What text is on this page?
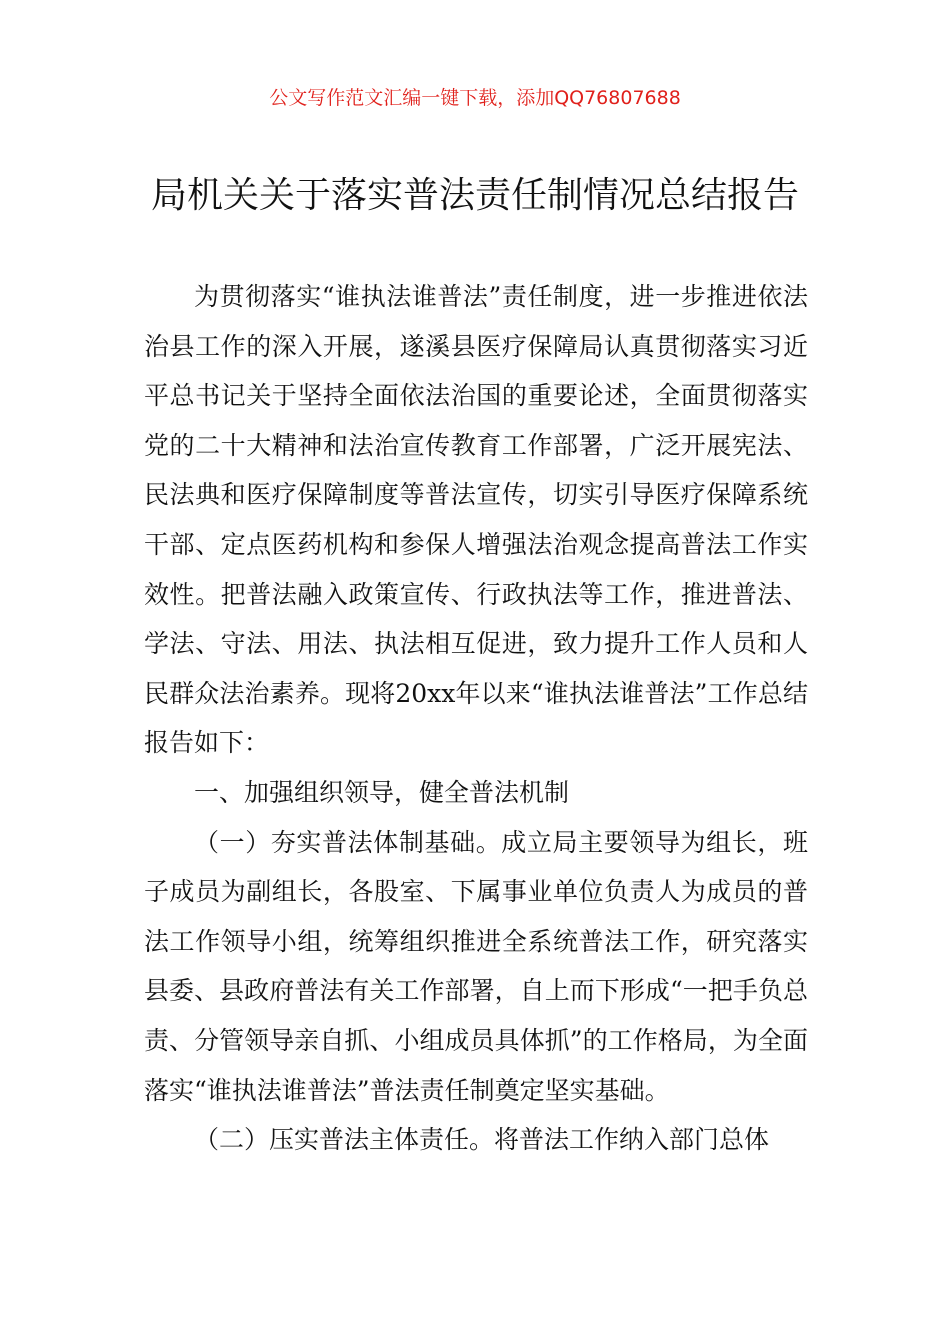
公文写作范文汇编一键下载，添加QQ76807688
局机关关于落实普法责任制情况总结报告

为贯彻落实“谁执法谁普法”责任制度，进一步推进依法治县工作的深入开展，遂溪县医疗保障局认真贯彻落实习近平总书记关于坚持全面依法治国的重要论述，全面贯彻落实党的二十大精神和法治宣传教育工作部署，广泛开展宪法、民法典和医疗保障制度等普法宣传，切实引导医疗保障系统干部、定点医药机构和参保人增强法治观念提高普法工作实效性。把普法融入政策宣传、行政执法等工作，推进普法、学法、守法、用法、执法相互促进，致力提升工作人员和人民群众法治素养。现将20xx年以来“谁执法谁普法”工作总结报告如下：

一、加强组织领导，健全普法机制

（一）夯实普法体制基础。成立局主要领导为组长，班子成员为副组长，各股室、下属事业单位负责人为成员的普法工作领导小组，统筹组织推进全系统普法工作，研究落实县委、县政府普法有关工作部署，自上而下形成“一把手负总责、分管领导亲自抓、小组成员具体抓”的工作格局，为全面落实“谁执法谁普法”普法责任制奠定坚实基础。

（二）压实普法主体责任。将普法工作纳入部门总体
